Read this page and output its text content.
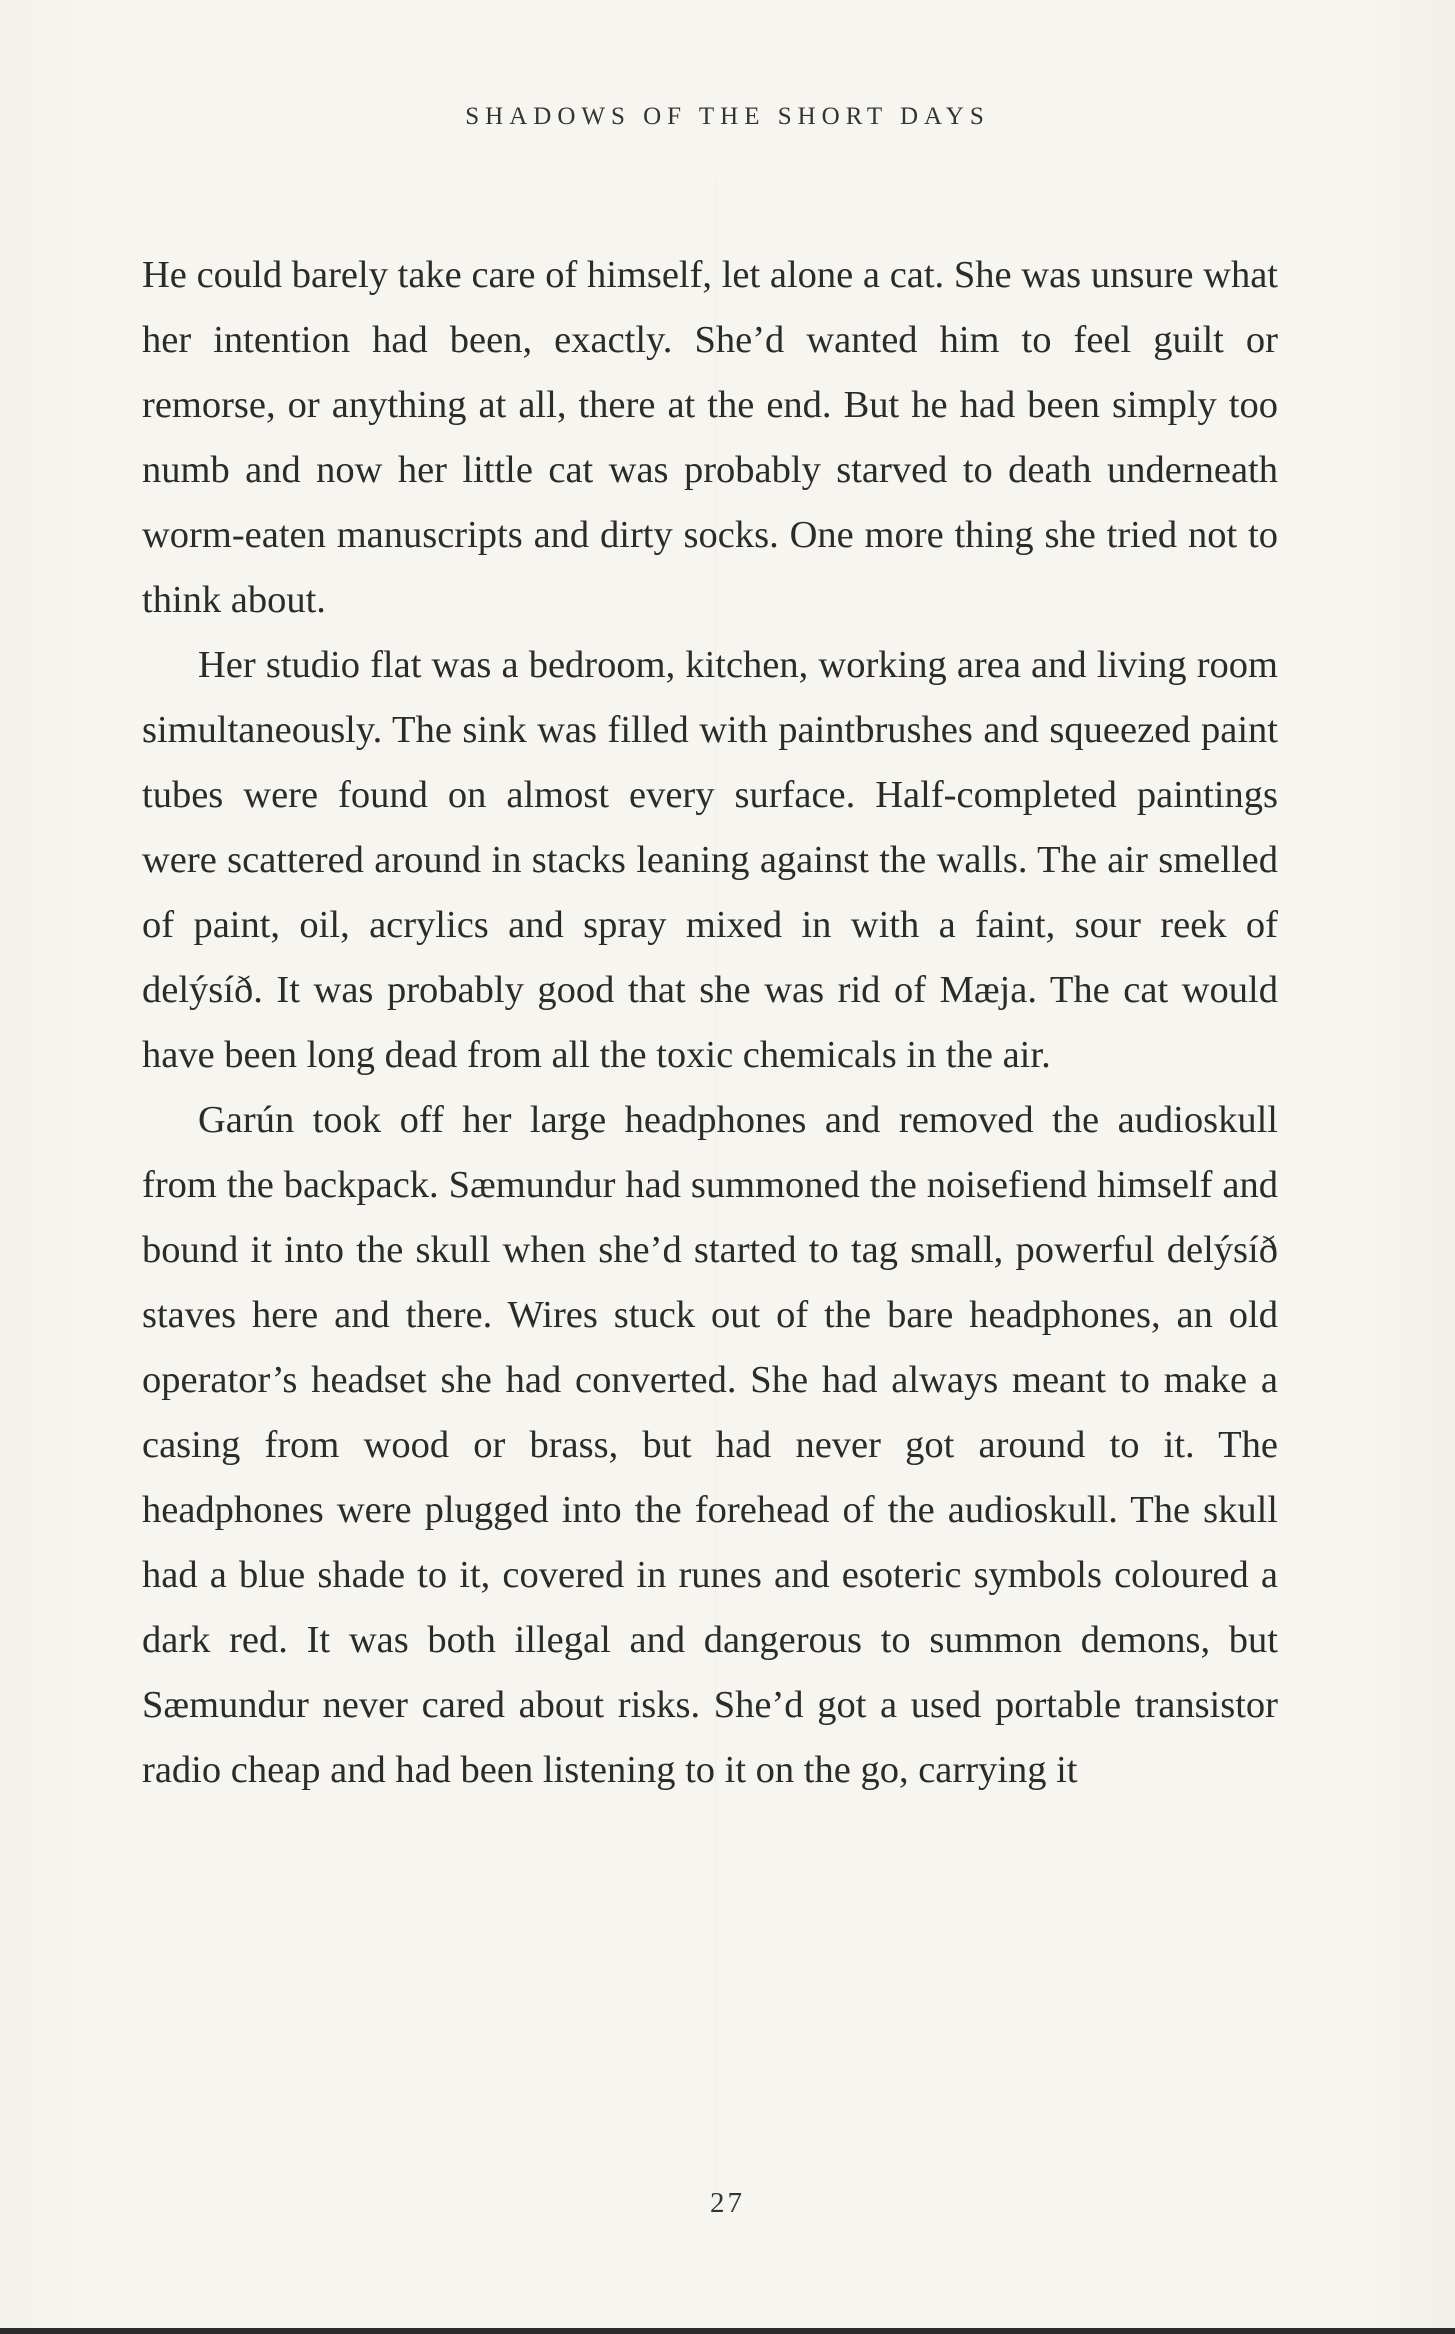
SHADOWS OF THE SHORT DAYS

He could barely take care of himself, let alone a cat. She was unsure what her intention had been, exactly. She’d wanted him to feel guilt or remorse, or anything at all, there at the end. But he had been simply too numb and now her little cat was probably starved to death underneath worm-eaten manuscripts and dirty socks. One more thing she tried not to think about.

Her studio flat was a bedroom, kitchen, working area and living room simultaneously. The sink was filled with paintbrushes and squeezed paint tubes were found on almost every surface. Half-completed paintings were scattered around in stacks leaning against the walls. The air smelled of paint, oil, acrylics and spray mixed in with a faint, sour reek of delýsíð. It was probably good that she was rid of Mæja. The cat would have been long dead from all the toxic chemicals in the air.

Garún took off her large headphones and removed the audioskull from the backpack. Sæmundur had summoned the noisefiend himself and bound it into the skull when she’d started to tag small, powerful delýsíð staves here and there. Wires stuck out of the bare headphones, an old operator’s headset she had converted. She had always meant to make a casing from wood or brass, but had never got around to it. The headphones were plugged into the forehead of the audioskull. The skull had a blue shade to it, covered in runes and esoteric symbols coloured a dark red. It was both illegal and dangerous to summon demons, but Sæmundur never cared about risks. She’d got a used portable transistor radio cheap and had been listening to it on the go, carrying it

27
